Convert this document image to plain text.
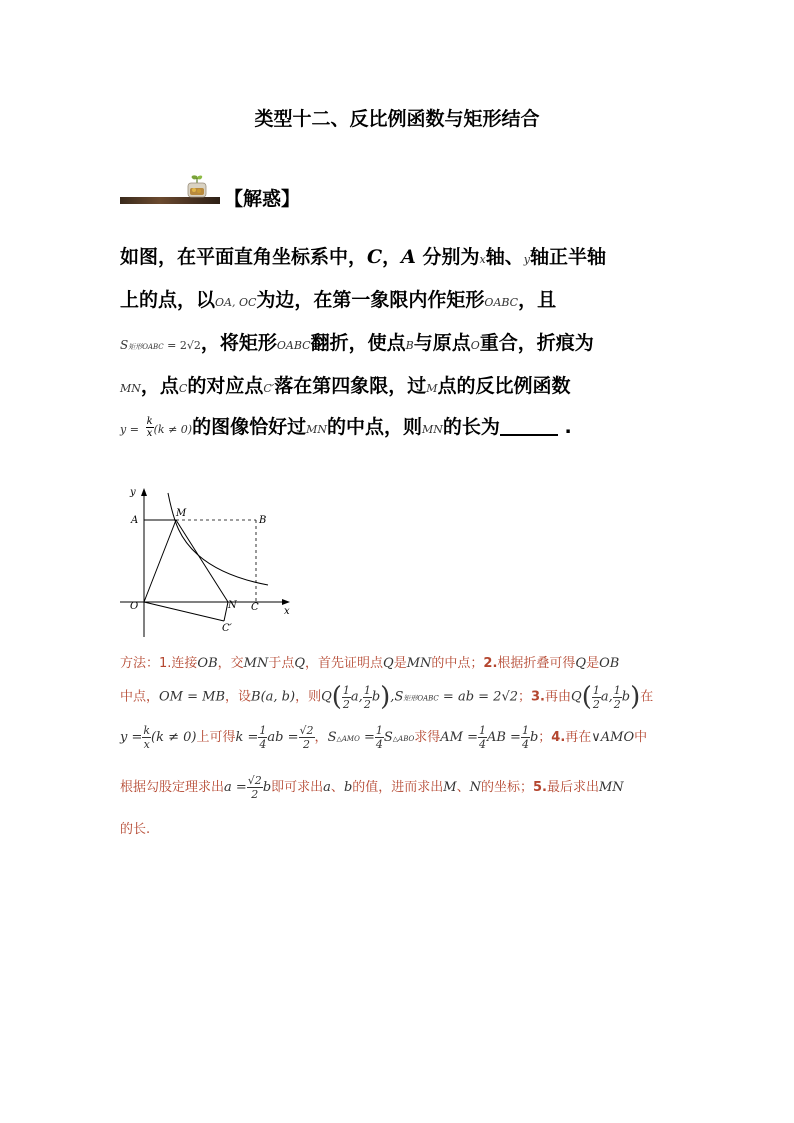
类型十二、反比例函数与矩形结合
【解惑】
如图，在平面直角坐标系中，C，A 分别为x轴、y轴正半轴
上的点，以OA, OC为边，在第一象限内作矩形OABC，且
S矩形OABC = 2√2，将矩形OABC翻折，使点B与原点O重合，折痕为
MN，点C的对应点C′落在第四象限，过M点的反比例函数
$y = \frac{k}{x} (k \ne 0)$的图像恰好过MN的中点，则MN的长为	.
y
x
A
M
B
O	N C
C′
方法：1.连接OB，交MN于点Q，首先证明点Q是MN的中点；2.根据折叠可得Q是OB
中点，OM = MB，设B(a, b)，则$Q( \frac{1}{2} a$, $\frac{1}{2} b),S$矩形OABC = ab = 2√2；3.再由$Q( \frac{1}{2} a$, $\frac{1}{2} b$)在
$y = \frac{k}{x} (k \ne 0)$上可得$k = \frac{1}{4}$ ab = $\frac{√2}{2}$ ，S△AMO = $\frac{1}{4}$ S△ABO求得AM = $\frac{1}{4}$ AB = $\frac{1}{4}$ b；4.再在∨AMO中
根据勾股定理求出$a = \frac{√2}{2}$ b即可求出a、b的值，进而求出M、N的坐标；5.最后求出MN
的长.
